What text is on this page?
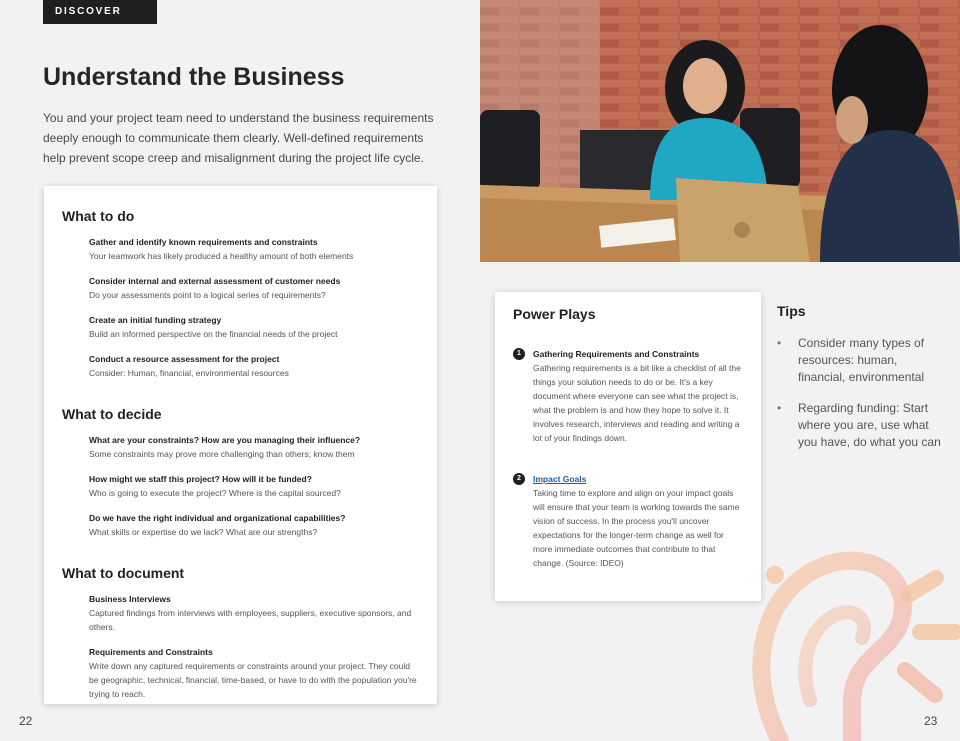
DISCOVER
Understand the Business

You and your project team need to understand the business requirements deeply enough to communicate them clearly. Well-defined requirements help prevent scope creep and misalignment during the project life cycle.

What to do
Gather and identify known requirements and constraints
Your teamwork has likely produced a healthy amount of both elements
Consider internal and external assessment of customer needs
Do your assessments point to a logical series of requirements?
Create an initial funding strategy
Build an informed perspective on the financial needs of the project
Conduct a resource assessment for the project
Consider: Human, financial, environmental resources
What to decide
What are your constraints? How are you managing their influence?
Some constraints may prove more challenging than others; know them
How might we staff this project? How will it be funded?
Who is going to execute the project? Where is the capital sourced?
Do we have the right individual and organizational capabilities?
What skills or expertise do we lack? What are our strengths?
What to document
Business Interviews
Captured findings from interviews with employees, suppliers, executive sponsors, and others.
Requirements and Constraints
Write down any captured requirements or constraints around your project. They could be geographic, technical, financial, time-based, or have to do with the population you're trying to reach.
Power Plays
1	Gathering Requirements and Constraints
Gathering requirements is a bit like a checklist of all the things your solution needs to do or be. It's a key document where everyone can see what the project is, what the problem is and how they hope to solve it. It involves research, interviews and reading and writing a lot of your findings down.
2	Impact Goals
Taking time to explore and align on your impact goals will ensure that your team is working towards the same vision of success. In the process you'll uncover expectations for the longer-term change as well for more immediate outcomes that contribute to that change. (Source: IDEO)
Tips
• Consider many types of resources: human, financial, environmental
• Regarding funding: Start where you are, use what you have, do what you can
22	23
